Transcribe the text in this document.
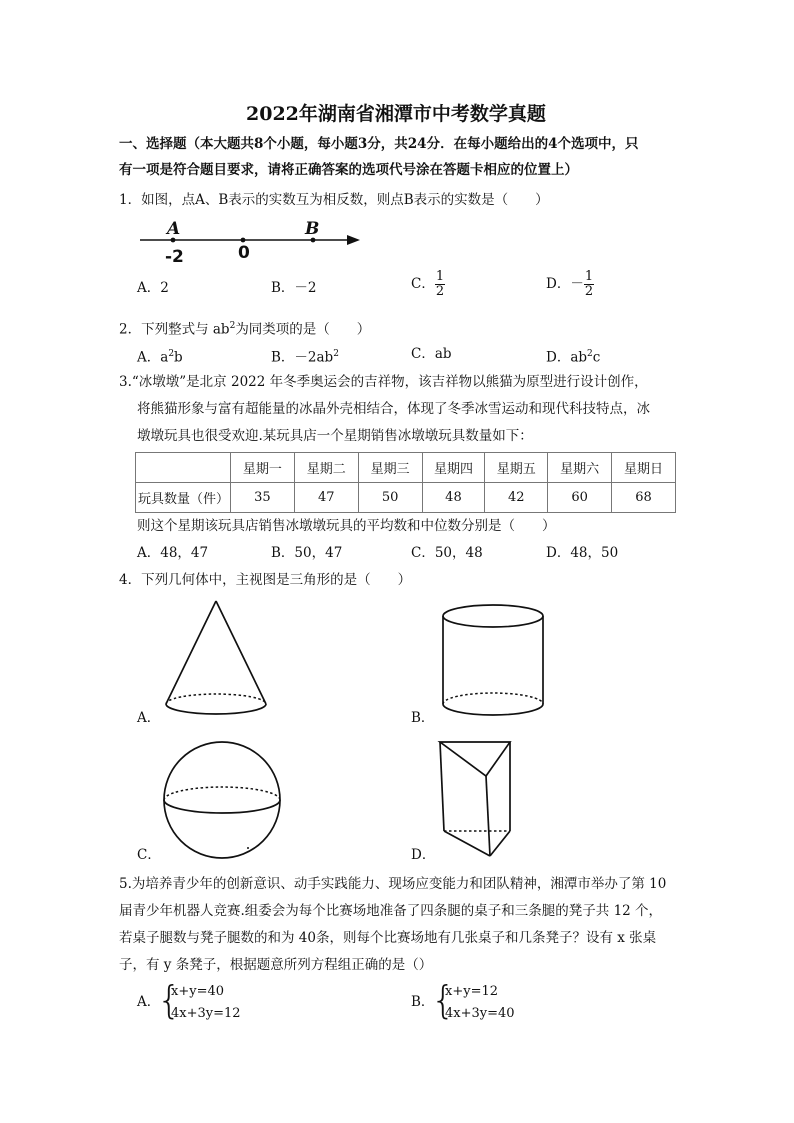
2022年湖南省湘潭市中考数学真题
一、选择题（本大题共8个小题，每小题3分，共24分．在每小题给出的4个选项中，只
有一项是符合题目要求，请将正确答案的选项代号涂在答题卡相应的位置上）
1．如图，点A、B表示的实数互为相反数，则点B表示的实数是（　　）
A	B
-2	0
A．2	B．－2	C． $\frac{1}{2}$	D．－ $\frac{1}{2}$
2．下列整式与 $ab^2$为同类项的是（　　）
A．$a^2b$	B．$-2ab^2$	C．ab	D．$ab^2c$
3.“冰墩墩”是北京 2022 年冬季奥运会的吉祥物，该吉祥物以熊猫为原型进行设计创作，
将熊猫形象与富有超能量的冰晶外壳相结合，体现了冬季冰雪运动和现代科技特点，冰
墩墩玩具也很受欢迎.某玩具店一个星期销售冰墩墩玩具数量如下：
	星期一	星期二	星期三	星期四	星期五	星期六	星期日
玩具数量（件）	35	47	50	48	42	60	68
则这个星期该玩具店销售冰墩墩玩具的平均数和中位数分别是（　　）
A．48，47	B．50，47	C．50，48	D．48，50
4．下列几何体中，主视图是三角形的是（　　）
A．	B．
C．	D．
5.为培养青少年的创新意识、动手实践能力、现场应变能力和团队精神，湘潭市举办了第 10
届青少年机器人竞赛.组委会为每个比赛场地准备了四条腿的桌子和三条腿的凳子共 12 个，
若桌子腿数与凳子腿数的和为 40条，则每个比赛场地有几张桌子和几条凳子？设有 x 张桌
子，有 y 条凳子，根据题意所列方程组正确的是（）
A．
{
x+y=40
4x+3y=12
B．
{
x+y=12
4x+3y=40
